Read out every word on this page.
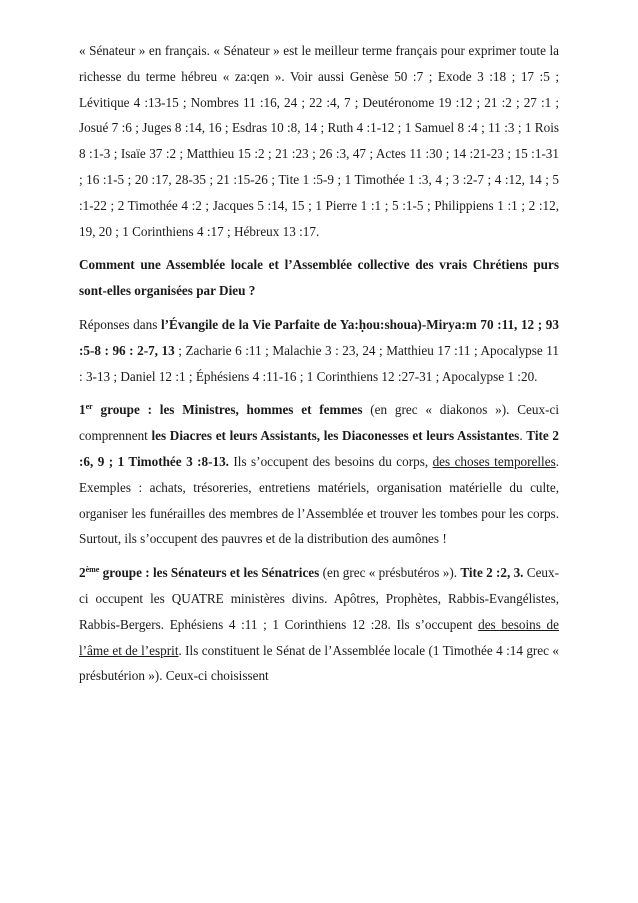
« Sénateur » en français. « Sénateur » est le meilleur terme français pour exprimer toute la richesse du terme hébreu « za:qen ». Voir aussi Genèse 50 :7 ; Exode 3 :18 ; 17 :5 ; Lévitique 4 :13-15 ; Nombres 11 :16, 24 ; 22 :4, 7 ; Deutéronome 19 :12 ; 21 :2 ; 27 :1 ; Josué 7 :6 ; Juges 8 :14, 16 ; Esdras 10 :8, 14 ; Ruth 4 :1-12 ; 1 Samuel 8 :4 ; 11 :3 ; 1 Rois 8 :1-3 ; Isaïe 37 :2 ; Matthieu 15 :2 ; 21 :23 ; 26 :3, 47 ; Actes 11 :30 ; 14 :21-23 ; 15 :1-31 ; 16 :1-5 ; 20 :17, 28-35 ; 21 :15-26 ; Tite 1 :5-9 ; 1 Timothée 1 :3, 4 ; 3 :2-7 ; 4 :12, 14 ; 5 :1-22 ; 2 Timothée 4 :2 ; Jacques 5 :14, 15 ; 1 Pierre 1 :1 ; 5 :1-5 ; Philippiens 1 :1 ; 2 :12, 19, 20 ; 1 Corinthiens 4 :17 ; Hébreux 13 :17.

Comment une Assemblée locale et l’Assemblée collective des vrais Chrétiens purs sont-elles organisées par Dieu ?

Réponses dans l’Évangile de la Vie Parfaite de Ya:ḥou:shoua)-Mirya:m 70 :11, 12 ; 93 :5-8 : 96 : 2-7, 13 ; Zacharie 6 :11 ; Malachie 3 : 23, 24 ; Matthieu 17 :11 ; Apocalypse 11 : 3-13 ; Daniel 12 :1 ; Éphésiens 4 :11-16 ; 1 Corinthiens 12 :27-31 ; Apocalypse 1 :20.

1er groupe : les Ministres, hommes et femmes (en grec « diakonos »). Ceux-ci comprennent les Diacres et leurs Assistants, les Diaconesses et leurs Assistantes. Tite 2 :6, 9 ; 1 Timothée 3 :8-13. Ils s’occupent des besoins du corps, des choses temporelles. Exemples : achats, trésoreries, entretiens matériels, organisation matérielle du culte, organiser les funérailles des membres de l’Assemblée et trouver les tombes pour les corps. Surtout, ils s’occupent des pauvres et de la distribution des aumônes !

2ème groupe : les Sénateurs et les Sénatrices (en grec « présbutéros »). Tite 2 :2, 3. Ceux-ci occupent les QUATRE ministères divins. Apôtres, Prophètes, Rabbis-Evangélistes, Rabbis-Bergers. Ephésiens 4 :11 ; 1 Corinthiens 12 :28. Ils s’occupent des besoins de l’âme et de l’esprit. Ils constituent le Sénat de l’Assemblée locale (1 Timothée 4 :14 grec « présbutérion »). Ceux-ci choisissent
